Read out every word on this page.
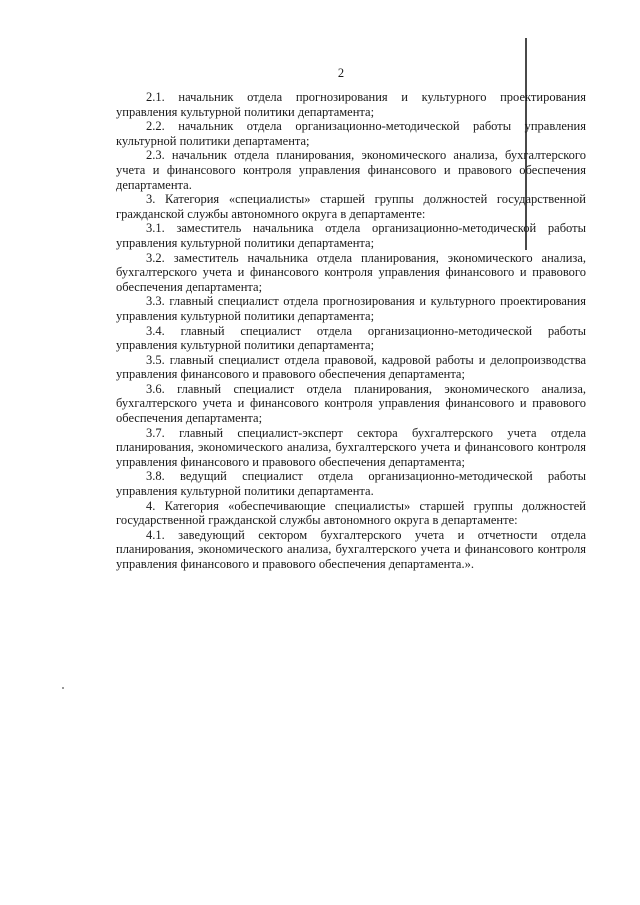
2

2.1. начальник отдела прогнозирования и культурного проектирования управления культурной политики департамента;

2.2. начальник отдела организационно-методической работы управления культурной политики департамента;

2.3. начальник отдела планирования, экономического анализа, бухгалтерского учета и финансового контроля управления финансового и правового обеспечения департамента.

3. Категория «специалисты» старшей группы должностей государственной гражданской службы автономного округа в департаменте:

3.1. заместитель начальника отдела организационно-методической работы управления культурной политики департамента;

3.2. заместитель начальника отдела планирования, экономического анализа, бухгалтерского учета и финансового контроля управления финансового и правового обеспечения департамента;

3.3. главный специалист отдела прогнозирования и культурного проектирования управления культурной политики департамента;

3.4. главный специалист отдела организационно-методической работы управления культурной политики департамента;

3.5. главный специалист отдела правовой, кадровой работы и делопроизводства управления финансового и правового обеспечения департамента;

3.6. главный специалист отдела планирования, экономического анализа, бухгалтерского учета и финансового контроля управления финансового и правового обеспечения департамента;

3.7. главный специалист-эксперт сектора бухгалтерского учета отдела планирования, экономического анализа, бухгалтерского учета и финансового контроля управления финансового и правового обеспечения департамента;

3.8. ведущий специалист отдела организационно-методической работы управления культурной политики департамента.

4. Категория «обеспечивающие специалисты» старшей группы должностей государственной гражданской службы автономного округа в департаменте:

4.1. заведующий сектором бухгалтерского учета и отчетности отдела планирования, экономического анализа, бухгалтерского учета и финансового контроля управления финансового и правового обеспечения департамента.».
